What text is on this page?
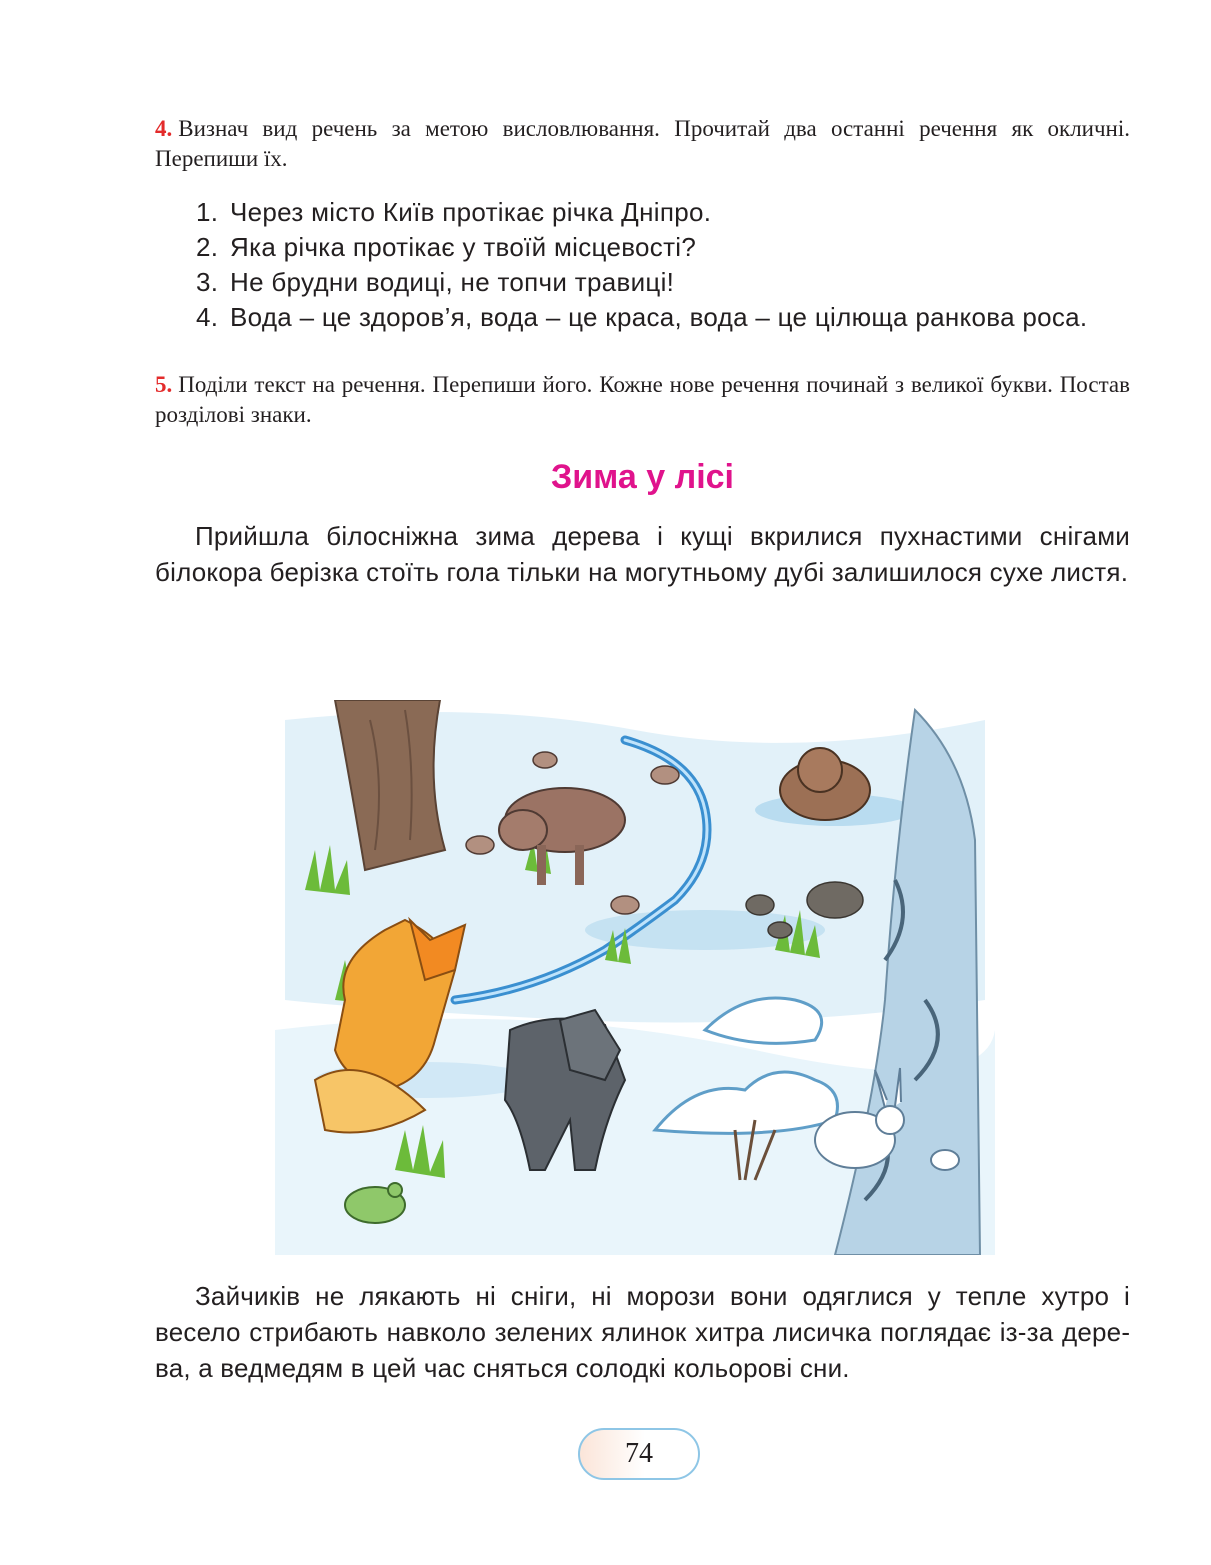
4. Визнач вид речень за метою висловлювання. Прочитай два останні речення як окличні. Перепиши їх.
1. Через місто Київ протікає річка Дніпро.
2. Яка річка протікає у твоїй місцевості?
3. Не брудни водиці, не топчи травиці!
4. Вода – це здоров’я, вода – це краса, вода – це цілюща ранкова роса.
5. Поділи текст на речення. Перепиши його. Кожне нове речення починай з великої букви. Постав розділові знаки.
Зима у лісі
Прийшла білосніжна зима дерева і кущі вкрилися пухнастими снігами білокора берізка стоїть гола тільки на могутньому дубі залишилося сухе листя.
Зайчиків не лякають ні сніги, ні морози вони одяглися у тепле хутро і весело стрибають навколо зелених ялинок хитра лисичка поглядає із-за дерева, а ведмедям в цей час сняться солодкі кольорові сни.
74
